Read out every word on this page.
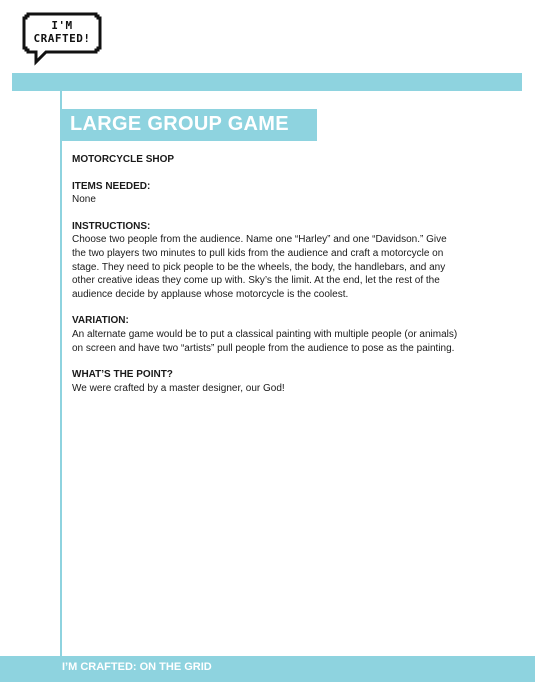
I'M
CRAFTED!
LARGE GROUP GAME

MOTORCYCLE SHOP

ITEMS NEEDED:

None

INSTRUCTIONS:

Choose two people from the audience. Name one “Harley” and one “Davidson.” Give
the two players two minutes to pull kids from the audience and craft a motorcycle on
stage. They need to pick people to be the wheels, the body, the handlebars, and any
other creative ideas they come up with. Sky’s the limit. At the end, let the rest of the
audience decide by applause whose motorcycle is the coolest.

VARIATION:

An alternate game would be to put a classical painting with multiple people (or animals)
on screen and have two “artists” pull people from the audience to pose as the painting.

WHAT’S THE POINT?

We were crafted by a master designer, our God!

I’M CRAFTED: ON THE GRID
